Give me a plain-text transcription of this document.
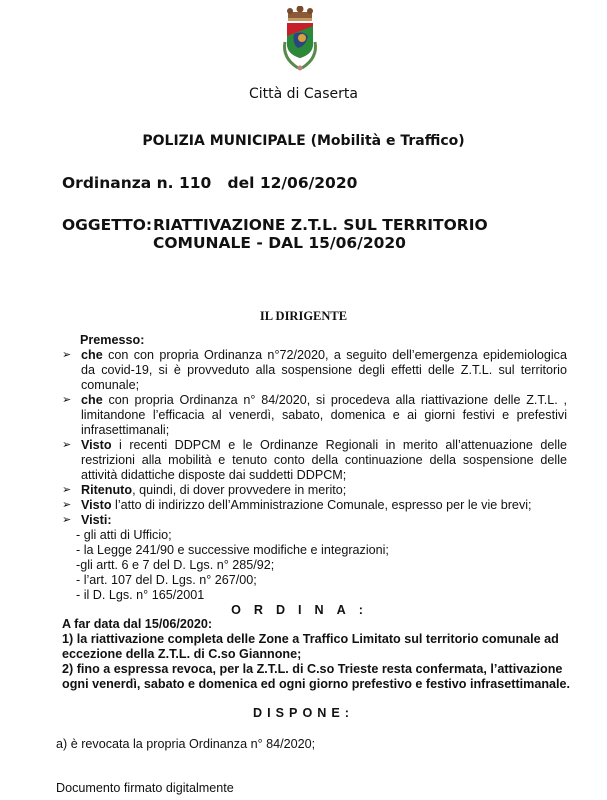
Città di Caserta
POLIZIA MUNICIPALE (Mobilità e Traffico)
Ordinanza n. 110   del 12/06/2020
OGGETTO: RIATTIVAZIONE Z.T.L. SUL TERRITORIO
COMUNALE - DAL 15/06/2020
IL DIRIGENTE
Premesso:
➢ che con con propria Ordinanza n°72/2020, a seguito dell’emergenza epidemiologica da covid-19, si è provveduto alla sospensione degli effetti delle Z.T.L. sul territorio comunale;
➢ che con propria Ordinanza n° 84/2020, si procedeva alla riattivazione delle Z.T.L. , limitandone l’efficacia al venerdì, sabato, domenica e ai giorni festivi e prefestivi infrasettimanali;
➢ Visto i recenti DDPCM e le Ordinanze Regionali in merito all’attenuazione delle restrizioni alla mobilità e tenuto conto della continuazione della sospensione delle attività didattiche disposte dai suddetti DDPCM;
➢ Ritenuto, quindi, di dover provvedere in merito;
➢ Visto l’atto di indirizzo dell’Amministrazione Comunale, espresso per le vie brevi;
➢ Visti:
- gli atti di Ufficio;
- la Legge 241/90 e successive modifiche e integrazioni;
-gli artt. 6 e 7 del D. Lgs. n° 285/92;
- l’art. 107 del D. Lgs. n° 267/00;
- il D. Lgs. n° 165/2001
ORDINA:
A far data dal 15/06/2020:
1) la riattivazione completa delle Zone a Traffico Limitato sul territorio comunale ad eccezione della Z.T.L. di C.so Giannone;
2) fino a espressa revoca, per la Z.T.L. di C.so Trieste resta confermata, l’attivazione ogni venerdì, sabato e domenica ed ogni giorno prefestivo e festivo infrasettimanale.
DISPONE:
a) è revocata la propria Ordinanza n° 84/2020;
Documento firmato digitalmente
